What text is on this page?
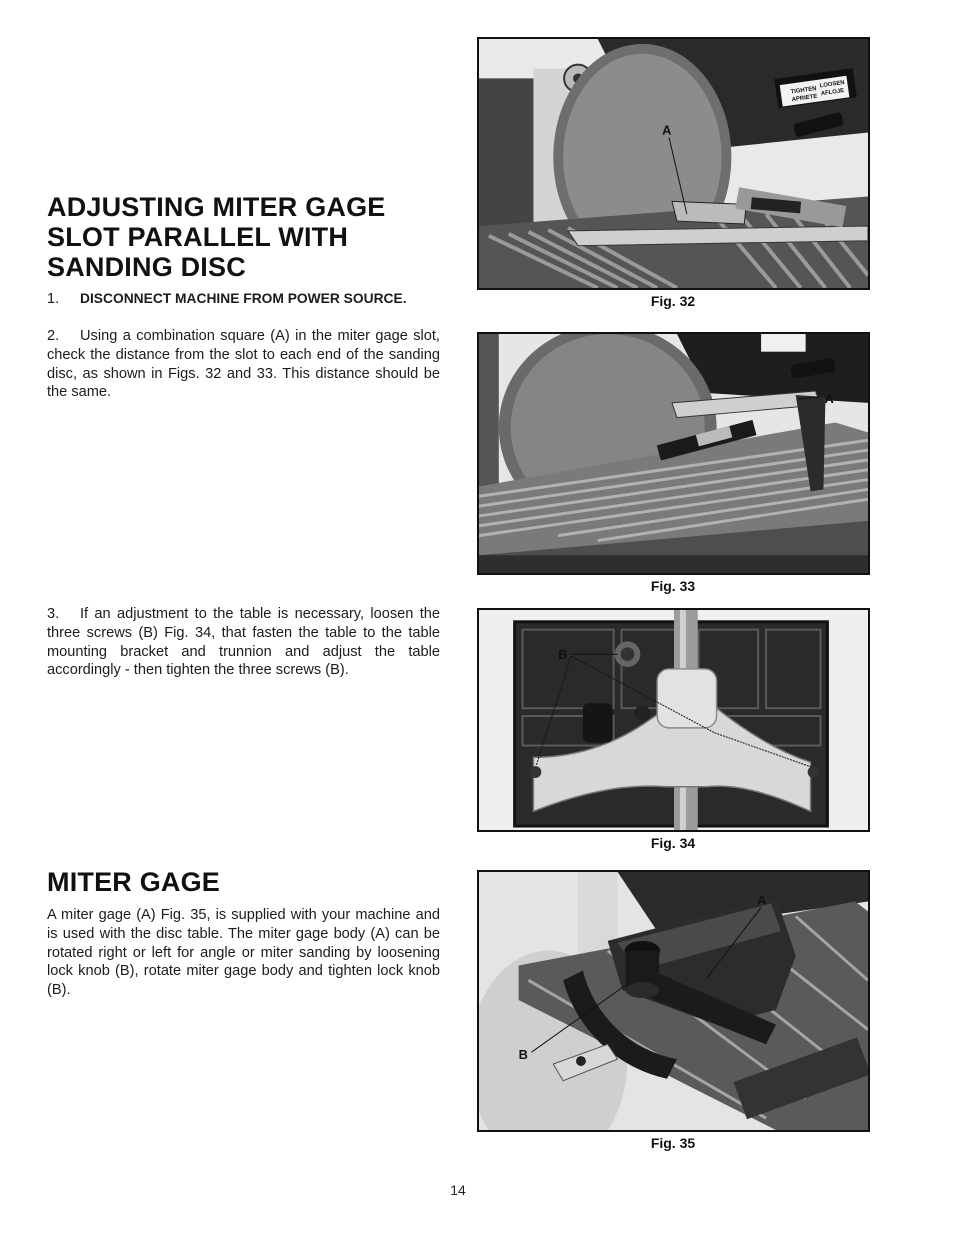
ADJUSTING MITER GAGE
SLOT PARALLEL WITH
SANDING DISC
1. DISCONNECT MACHINE FROM POWER SOURCE.
2. Using a combination square (A) in the miter gage slot, check the distance from the slot to each end of the sanding disc, as shown in Figs. 32 and 33. This distance should be the same.
3. If an adjustment to the table is necessary, loosen the three screws (B) Fig. 34, that fasten the table to the table mounting bracket and trunnion and adjust the table accordingly - then tighten the three screws (B).
MITER GAGE
A miter gage (A) Fig. 35, is supplied with your machine and is used with the disc table. The miter gage body (A) can be rotated right or left for angle or miter sanding by loosening lock knob (B), rotate miter gage body and tighten lock knob (B).
TIGHTEN
APRIETE
LOOSEN
AFLOJE
A
Fig. 32
A
Fig. 33
B
Fig. 34
A
B
Fig. 35
14
